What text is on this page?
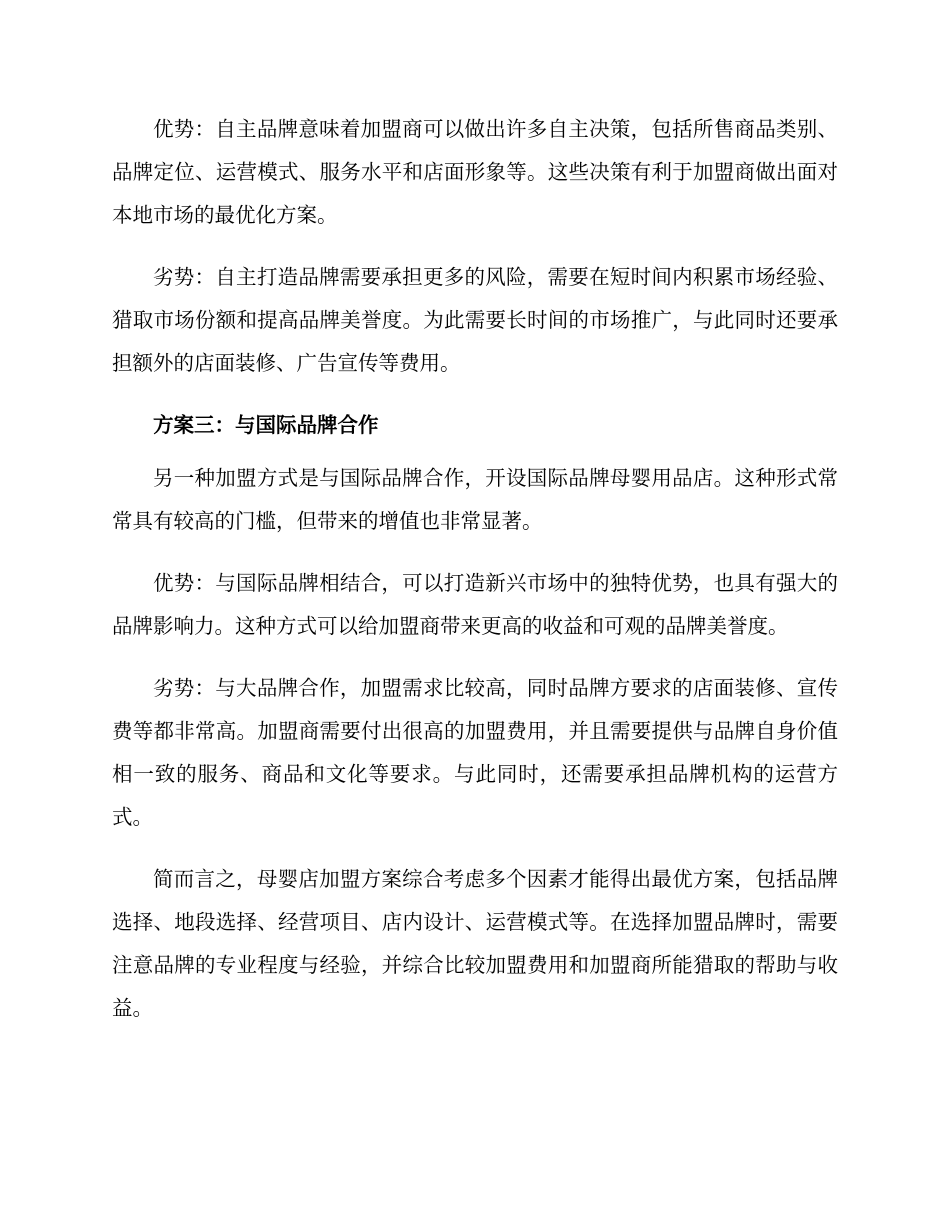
优势：自主品牌意味着加盟商可以做出许多自主决策，包括所售商品类别、品牌定位、运营模式、服务水平和店面形象等。这些决策有利于加盟商做出面对本地市场的最优化方案。

劣势：自主打造品牌需要承担更多的风险，需要在短时间内积累市场经验、猎取市场份额和提高品牌美誉度。为此需要长时间的市场推广，与此同时还要承担额外的店面装修、广告宣传等费用。

方案三：与国际品牌合作

另一种加盟方式是与国际品牌合作，开设国际品牌母婴用品店。这种形式常常具有较高的门槛，但带来的增值也非常显著。

优势：与国际品牌相结合，可以打造新兴市场中的独特优势，也具有强大的品牌影响力。这种方式可以给加盟商带来更高的收益和可观的品牌美誉度。

劣势：与大品牌合作，加盟需求比较高，同时品牌方要求的店面装修、宣传费等都非常高。加盟商需要付出很高的加盟费用，并且需要提供与品牌自身价值相一致的服务、商品和文化等要求。与此同时，还需要承担品牌机构的运营方式。

简而言之，母婴店加盟方案综合考虑多个因素才能得出最优方案，包括品牌选择、地段选择、经营项目、店内设计、运营模式等。在选择加盟品牌时，需要注意品牌的专业程度与经验，并综合比较加盟费用和加盟商所能猎取的帮助与收益。
